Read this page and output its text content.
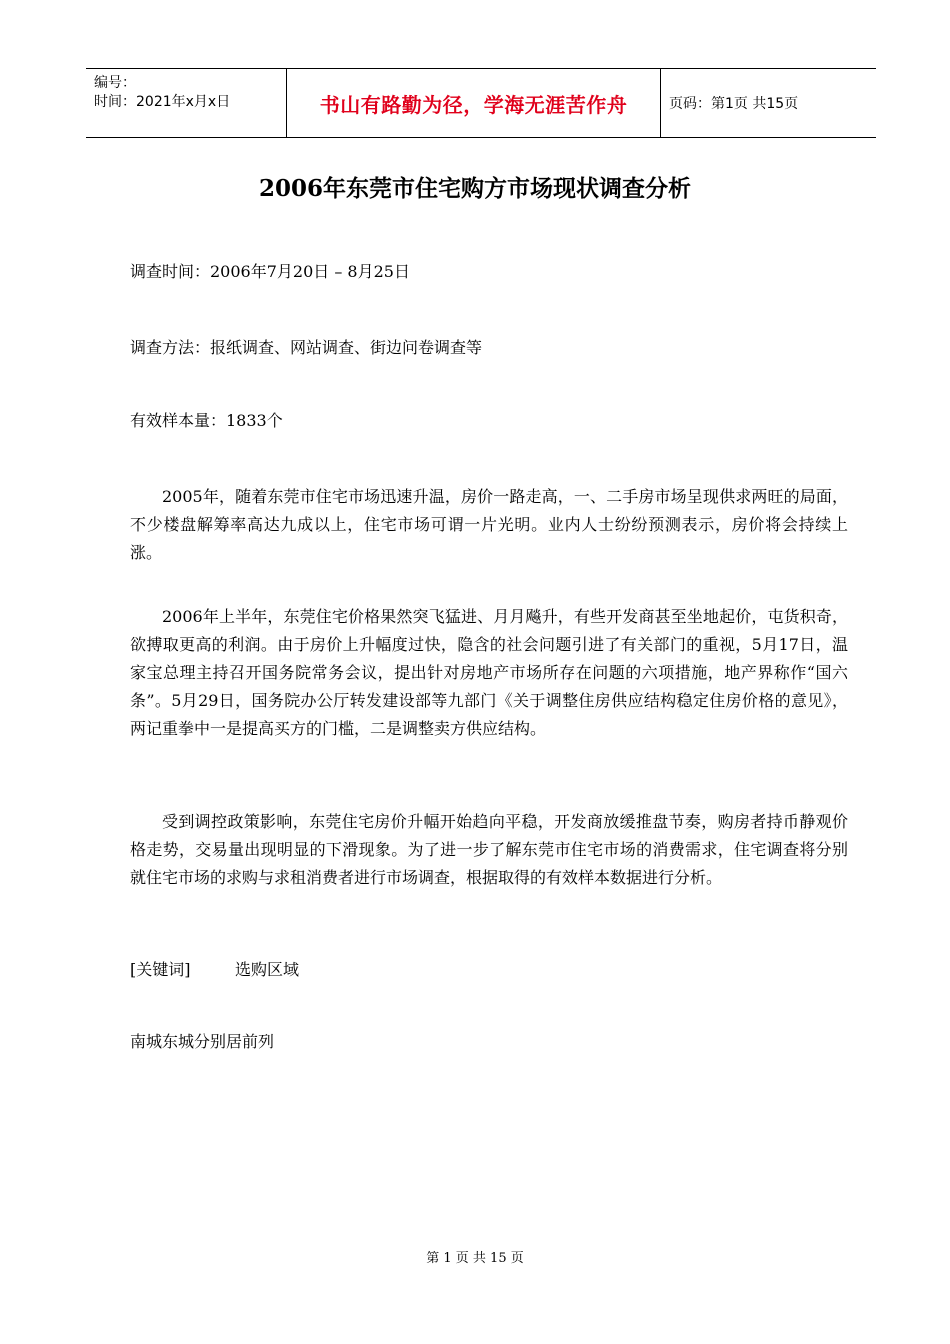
编号：
时间：2021年x月x日	书山有路勤为径，学海无涯苦作舟	页码：第1页 共15页
2006年东莞市住宅购方市场现状调查分析
调查时间：2006年7月20日 – 8月25日
调查方法：报纸调查、网站调查、街边问卷调查等
有效样本量：1833个
2005年，随着东莞市住宅市场迅速升温，房价一路走高，一、二手房市场呈现供求两旺的局面，不少楼盘解筹率高达九成以上，住宅市场可谓一片光明。业内人士纷纷预测表示，房价将会持续上涨。
2006年上半年，东莞住宅价格果然突飞猛进、月月飚升，有些开发商甚至坐地起价，屯货积奇，欲搏取更高的利润。由于房价上升幅度过快，隐含的社会问题引进了有关部门的重视，5月17日，温家宝总理主持召开国务院常务会议，提出针对房地产市场所存在问题的六项措施，地产界称作“国六条”。5月29日，国务院办公厅转发建设部等九部门《关于调整住房供应结构稳定住房价格的意见》，两记重拳中一是提高买方的门槛，二是调整卖方供应结构。
受到调控政策影响，东莞住宅房价升幅开始趋向平稳，开发商放缓推盘节奏，购房者持币静观价格走势，交易量出现明显的下滑现象。为了进一步了解东莞市住宅市场的消费需求，住宅调查将分别就住宅市场的求购与求租消费者进行市场调查，根据取得的有效样本数据进行分析。
[关键词]	选购区域
南城东城分别居前列
第 1 页 共 15 页
